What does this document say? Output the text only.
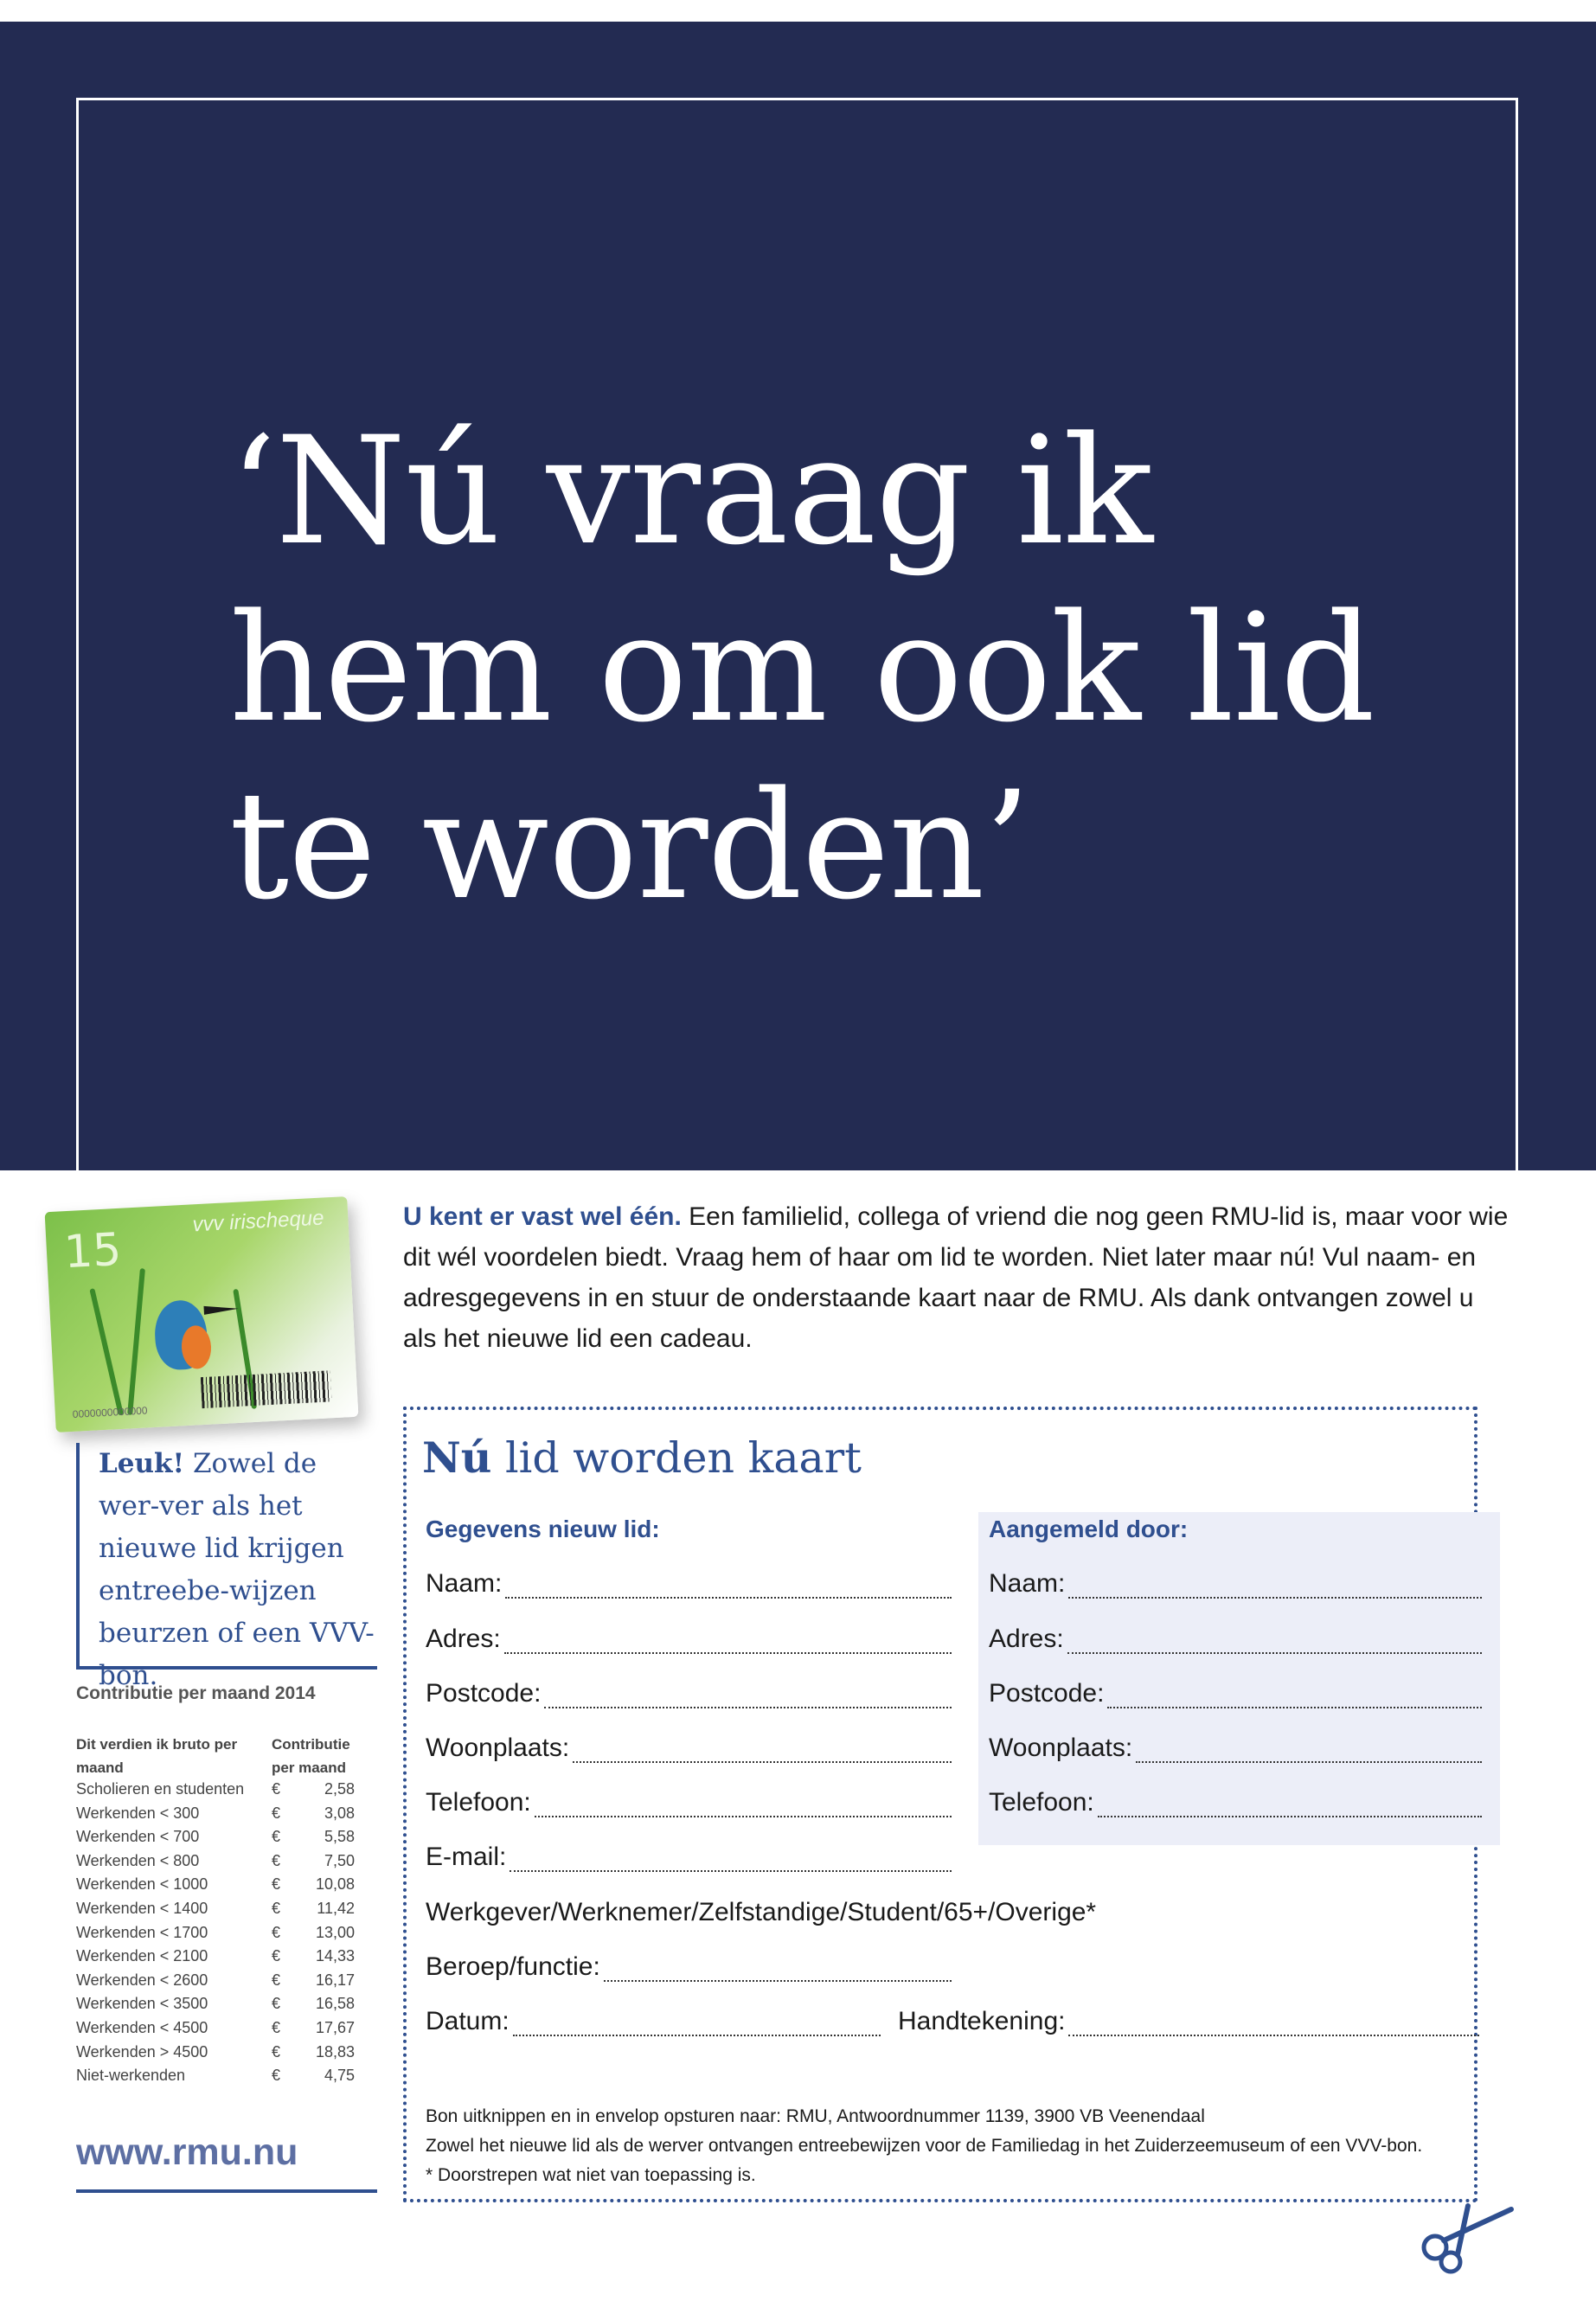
‘Nú vraag ik
hem om ook lid
te worden’
15
vvv irischeque
0000000000000
Leuk! Zowel de wer-ver als het nieuwe lid krijgen entreebe-wijzen beurzen of een VVV-bon.
Contributie per maand 2014
Dit verdien ik bruto per maand
Contributie per maand
Scholieren en studenten €	2,58
Werkenden < 300	€	3,08
Werkenden < 700	€	5,58
Werkenden < 800	€	7,50
Werkenden < 1000	€	10,08
Werkenden < 1400	€	11,42
Werkenden < 1700	€	13,00
Werkenden < 2100	€	14,33
Werkenden < 2600	€	16,17
Werkenden < 3500	€	16,58
Werkenden < 4500	€	17,67
Werkenden > 4500	€	18,83
Niet-werkenden	€	4,75
www.rmu.nu
U kent er vast wel één. Een familielid, collega of vriend die nog geen RMU-lid is, maar voor wie dit wél voordelen biedt. Vraag hem of haar om lid te worden. Niet later maar nú! Vul naam- en adresgegevens in en stuur de onderstaande kaart naar de RMU. Als dank ontvangen zowel u als het nieuwe lid een cadeau.
Nú lid worden kaart
Gegevens nieuw lid:	Aangemeld door:
Naam:
Adres:
Postcode:
Woonplaats:
Telefoon:
E-mail:
Naam:
Adres:
Postcode:
Woonplaats:
Telefoon:
Werkgever/Werknemer/Zelfstandige/Student/65+/Overige*
Beroep/functie:
Datum:	Handtekening:
Bon uitknippen en in envelop opsturen naar: RMU, Antwoordnummer 1139, 3900 VB Veenendaal
Zowel het nieuwe lid als de werver ontvangen entreebewijzen voor de Familiedag in het Zuiderzeemuseum of een VVV-bon.
* Doorstrepen wat niet van toepassing is.
